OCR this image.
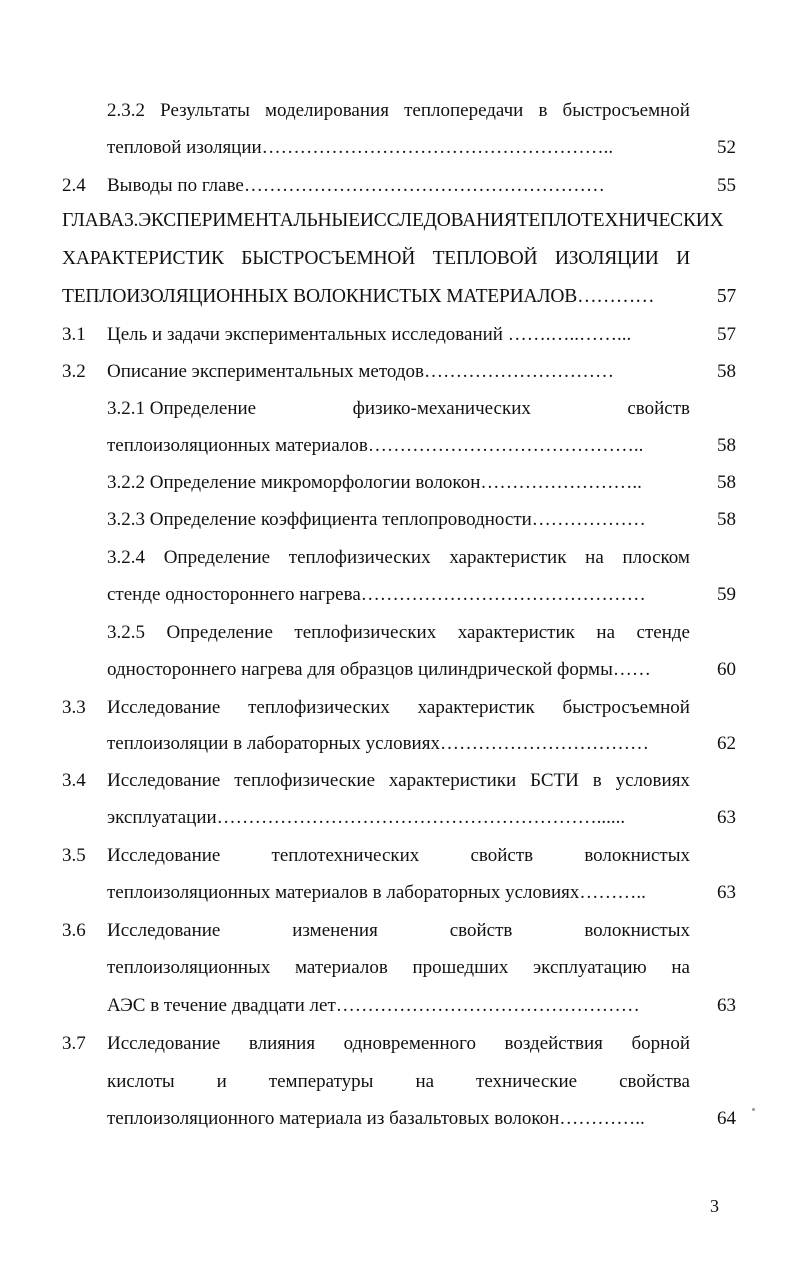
2.3.2 Результаты моделирования теплопередачи в быстросъемной
тепловой изоляции………………………………………………..	52
2.4 Выводы по главе…………………………………………………	55
ГЛАВА 3. ЭКСПЕРИМЕНТАЛЬНЫЕ ИССЛЕДОВАНИЯ ТЕПЛОТЕХНИЧЕСКИХ
ХАРАКТЕРИСТИК БЫСТРОСЪЕМНОЙ ТЕПЛОВОЙ ИЗОЛЯЦИИ И
ТЕПЛОИЗОЛЯЦИОННЫХ ВОЛОКНИСТЫХ МАТЕРИАЛОВ…………	57
3.1 Цель и задачи экспериментальных исследований …….…..……...	57
3.2 Описание экспериментальных методов…………………………	58
3.2.1 Определение	физико-механических	свойств
теплоизоляционных материалов……………………………………..	58
3.2.2 Определение микроморфологии волокон……………………..	58
3.2.3 Определение коэффициента теплопроводности………………	58
3.2.4 Определение теплофизических характеристик на плоском
стенде одностороннего нагрева………………………………………	59
3.2.5 Определение теплофизических характеристик на стенде
одностороннего нагрева для образцов цилиндрической формы……	60
3.3 Исследование теплофизических характеристик быстросъемной
теплоизоляции в лабораторных условиях……………………………	62
3.4 Исследование теплофизические характеристики БСТИ в условиях
эксплуатации……………………………………………………......	63
3.5 Исследование	теплотехнических	свойств	волокнистых
теплоизоляционных материалов в лабораторных условиях………..	63
3.6 Исследование	изменения	свойств	волокнистых
теплоизоляционных материалов прошедших эксплуатацию на
АЭС в течение двадцати лет…………………………………………	63
3.7 Исследование влияния одновременного воздействия борной
кислоты и температуры на технические свойства
теплоизоляционного материала из базальтовых волокон…………..	64
3
